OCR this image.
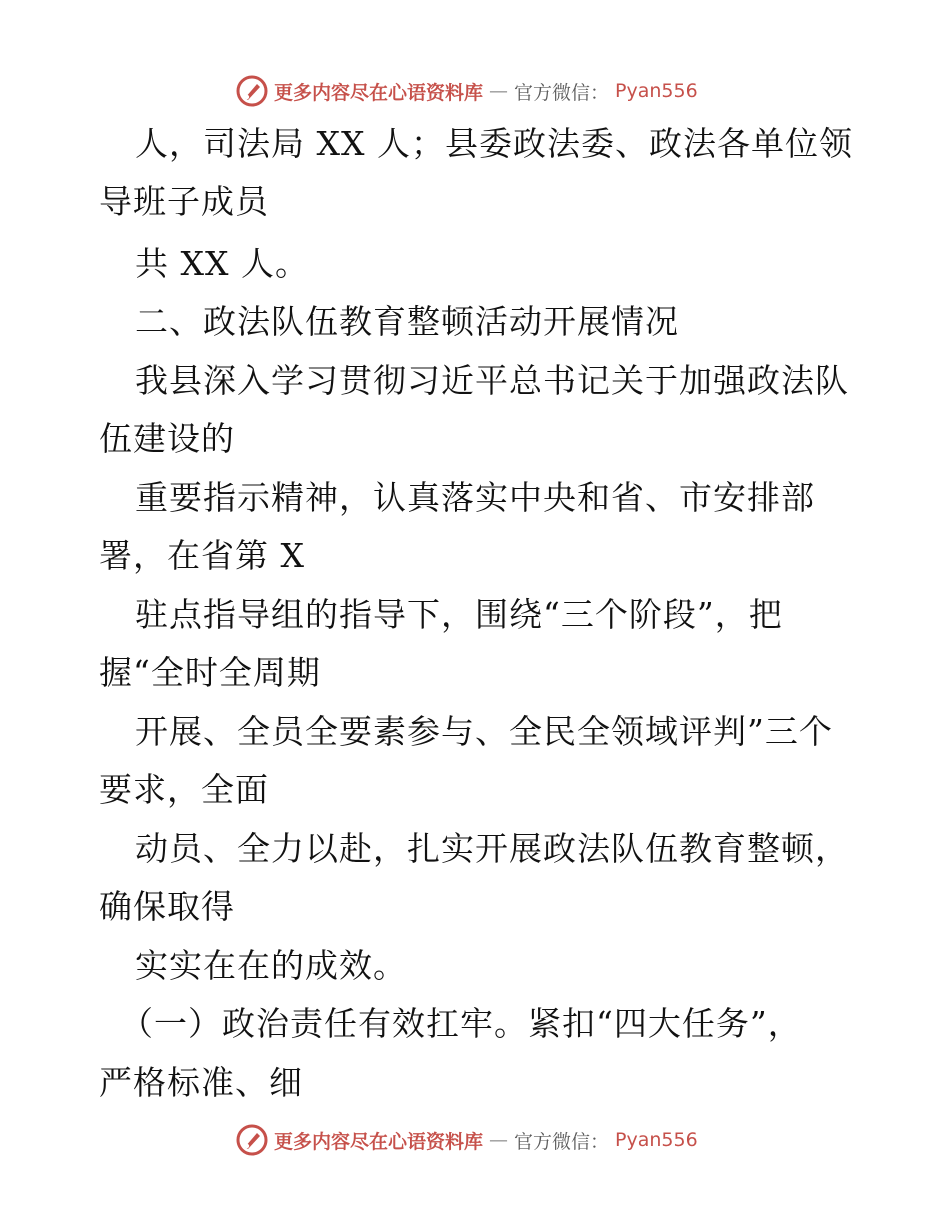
更多内容尽在心语资料库 — 官方微信： Pyan556
人，司法局 XX 人；县委政法委、政法各单位领
导班子成员
共 XX 人。
二、政法队伍教育整顿活动开展情况
我县深入学习贯彻习近平总书记关于加强政法队
伍建设的
重要指示精神，认真落实中央和省、市安排部
署，在省第 X
驻点指导组的指导下，围绕“三个阶段”，把
握“全时全周期
开展、全员全要素参与、全民全领域评判”三个
要求，全面
动员、全力以赴，扎实开展政法队伍教育整顿，
确保取得
实实在在的成效。
（一）政治责任有效扛牢。紧扣“四大任务”，
严格标准、细
更多内容尽在心语资料库 — 官方微信： Pyan556
